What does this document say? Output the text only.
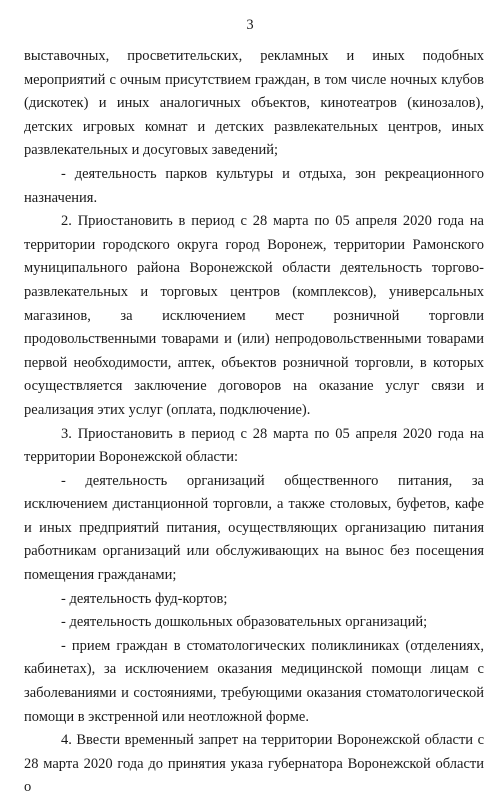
3

выставочных, просветительских, рекламных и иных подобных мероприятий с очным присутствием граждан, в том числе ночных клубов (дискотек) и иных аналогичных объектов, кинотеатров (кинозалов), детских игровых комнат и детских развлекательных центров, иных развлекательных и досуговых заведений;

- деятельность парков культуры и отдыха, зон рекреационного назначения.

2. Приостановить в период с 28 марта по 05 апреля 2020 года на территории городского округа город Воронеж, территории Рамонского муниципального района Воронежской области деятельность торгово-развлекательных и торговых центров (комплексов), универсальных магазинов, за исключением мест розничной торговли продовольственными товарами и (или) непродовольственными товарами первой необходимости, аптек, объектов розничной торговли, в которых осуществляется заключение договоров на оказание услуг связи и реализация этих услуг (оплата, подключение).

3. Приостановить в период с 28 марта по 05 апреля 2020 года на территории Воронежской области:

- деятельность организаций общественного питания, за исключением дистанционной торговли, а также столовых, буфетов, кафе и иных предприятий питания, осуществляющих организацию питания работникам организаций или обслуживающих на вынос без посещения помещения гражданами;

- деятельность фуд-кортов;

- деятельность дошкольных образовательных организаций;

- прием граждан в стоматологических поликлиниках (отделениях, кабинетах), за исключением оказания медицинской помощи лицам с заболеваниями и состояниями, требующими оказания стоматологической помощи в экстренной или неотложной форме.

4. Ввести временный запрет на территории Воронежской области с 28 марта 2020 года до принятия указа губернатора Воронежской области о
